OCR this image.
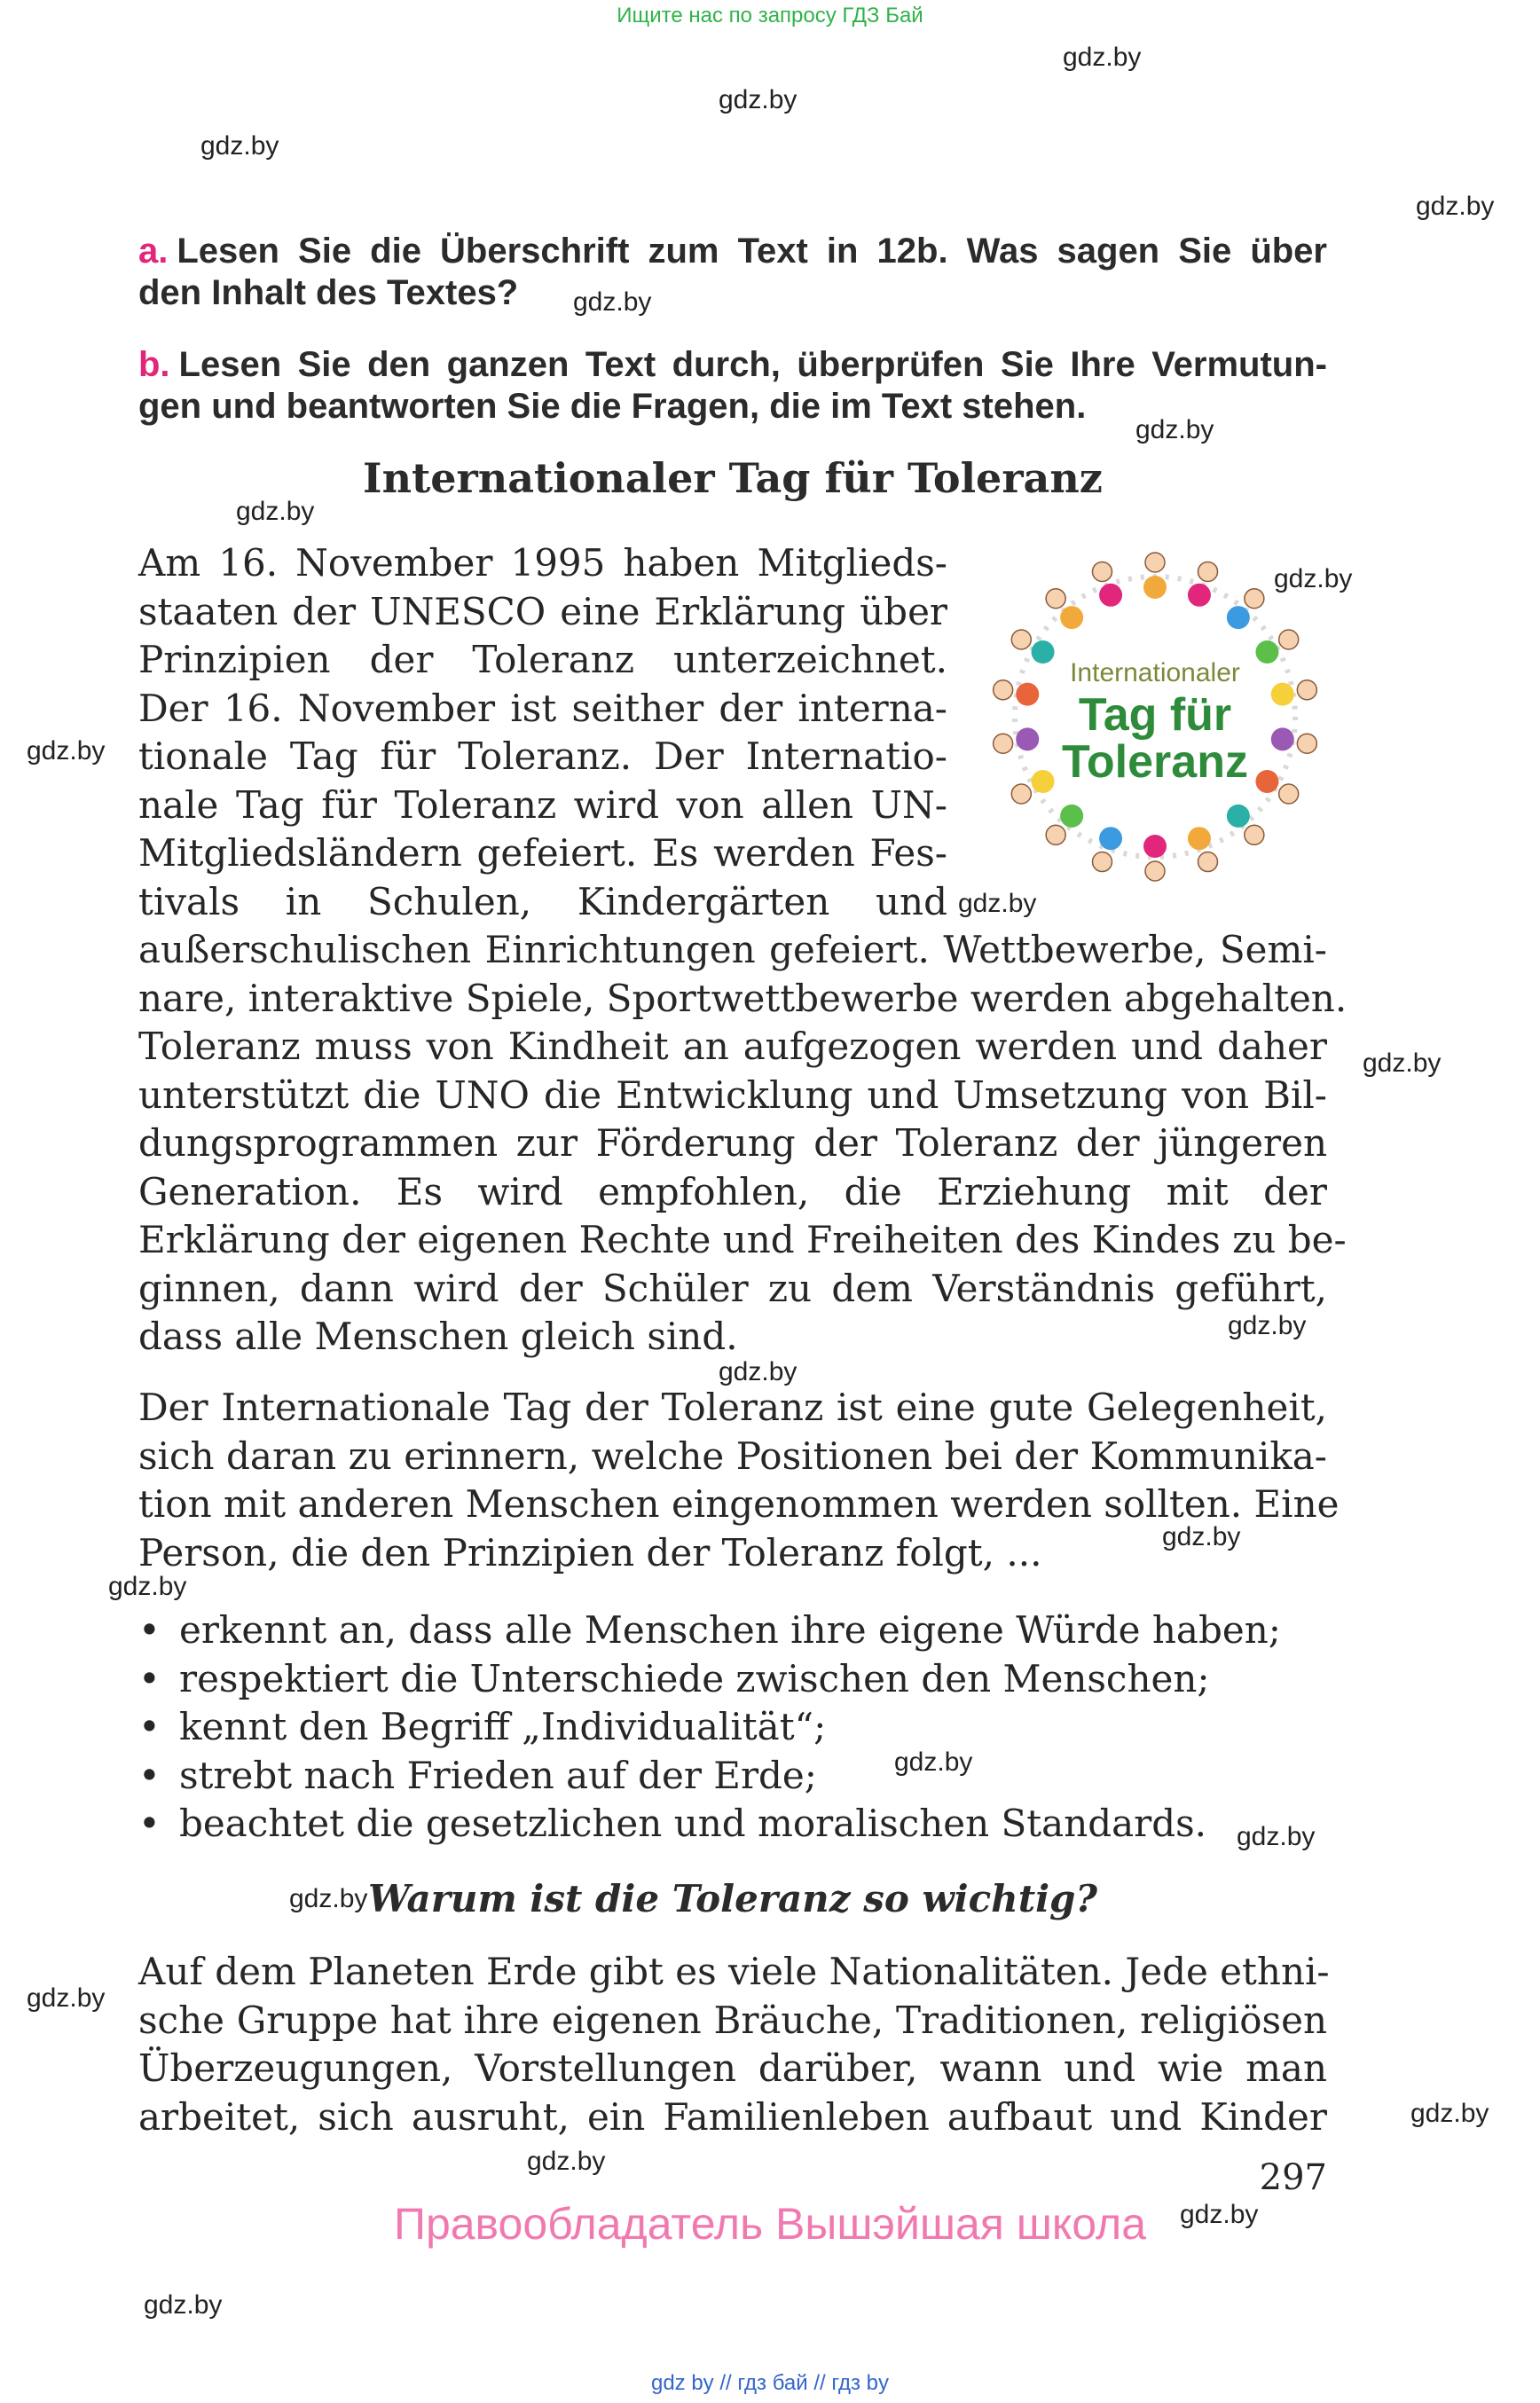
Ищите нас по запросу ГДЗ Бай
gdz.by
gdz.by
gdz.by
gdz.by
gdz.by
gdz.by
gdz.by
gdz.by
gdz.by
gdz.by
gdz.by
gdz.by
gdz.by
gdz.by
gdz.by
gdz.by
gdz.by
gdz.by
gdz.by
gdz.by
gdz.by
gdz.by
gdz.by
a. Lesen Sie die Überschrift zum Text in 12b. Was sagen Sie über
den Inhalt des Textes?
b. Lesen Sie den ganzen Text durch, überprüfen Sie Ihre Vermutun-
gen und beantworten Sie die Fragen, die im Text stehen.
Internationaler Tag für Toleranz
Internationaler
Tag für
Toleranz
Am 16. November 1995 haben Mitglieds-
staaten der UNESCO eine Erklärung über
Prinzipien der Toleranz unterzeichnet.
Der 16. November ist seither der interna-
tionale Tag für Toleranz. Der Internatio-
nale Tag für Toleranz wird von allen UN-
Mitgliedsländern gefeiert. Es werden Fes-
tivals in Schulen, Kindergärten und
außerschulischen Einrichtungen gefeiert. Wettbewerbe, Semi-
nare, interaktive Spiele, Sportwettbewerbe werden abgehalten.
Toleranz muss von Kindheit an aufgezogen werden und daher
unterstützt die UNO die Entwicklung und Umsetzung von Bil-
dungsprogrammen zur Förderung der Toleranz der jüngeren
Generation. Es wird empfohlen, die Erziehung mit der
Erklärung der eigenen Rechte und Freiheiten des Kindes zu be-
ginnen, dann wird der Schüler zu dem Verständnis geführt,
dass alle Menschen gleich sind.
Der Internationale Tag der Toleranz ist eine gute Gelegenheit,
sich daran zu erinnern, welche Positionen bei der Kommunika-
tion mit anderen Menschen eingenommen werden sollten. Eine
Person, die den Prinzipien der Toleranz folgt, ...
• erkennt an, dass alle Menschen ihre eigene Würde haben;
• respektiert die Unterschiede zwischen den Menschen;
• kennt den Begriff „Individualität“;
• strebt nach Frieden auf der Erde;
• beachtet die gesetzlichen und moralischen Standards.
Warum ist die Toleranz so wichtig?
Auf dem Planeten Erde gibt es viele Nationalitäten. Jede ethni-
sche Gruppe hat ihre eigenen Bräuche, Traditionen, religiösen
Überzeugungen, Vorstellungen darüber, wann und wie man
arbeitet, sich ausruht, ein Familienleben aufbaut und Kinder
297
Правообладатель Вышэйшая школа
gdz by // гдз бай // гдз by
